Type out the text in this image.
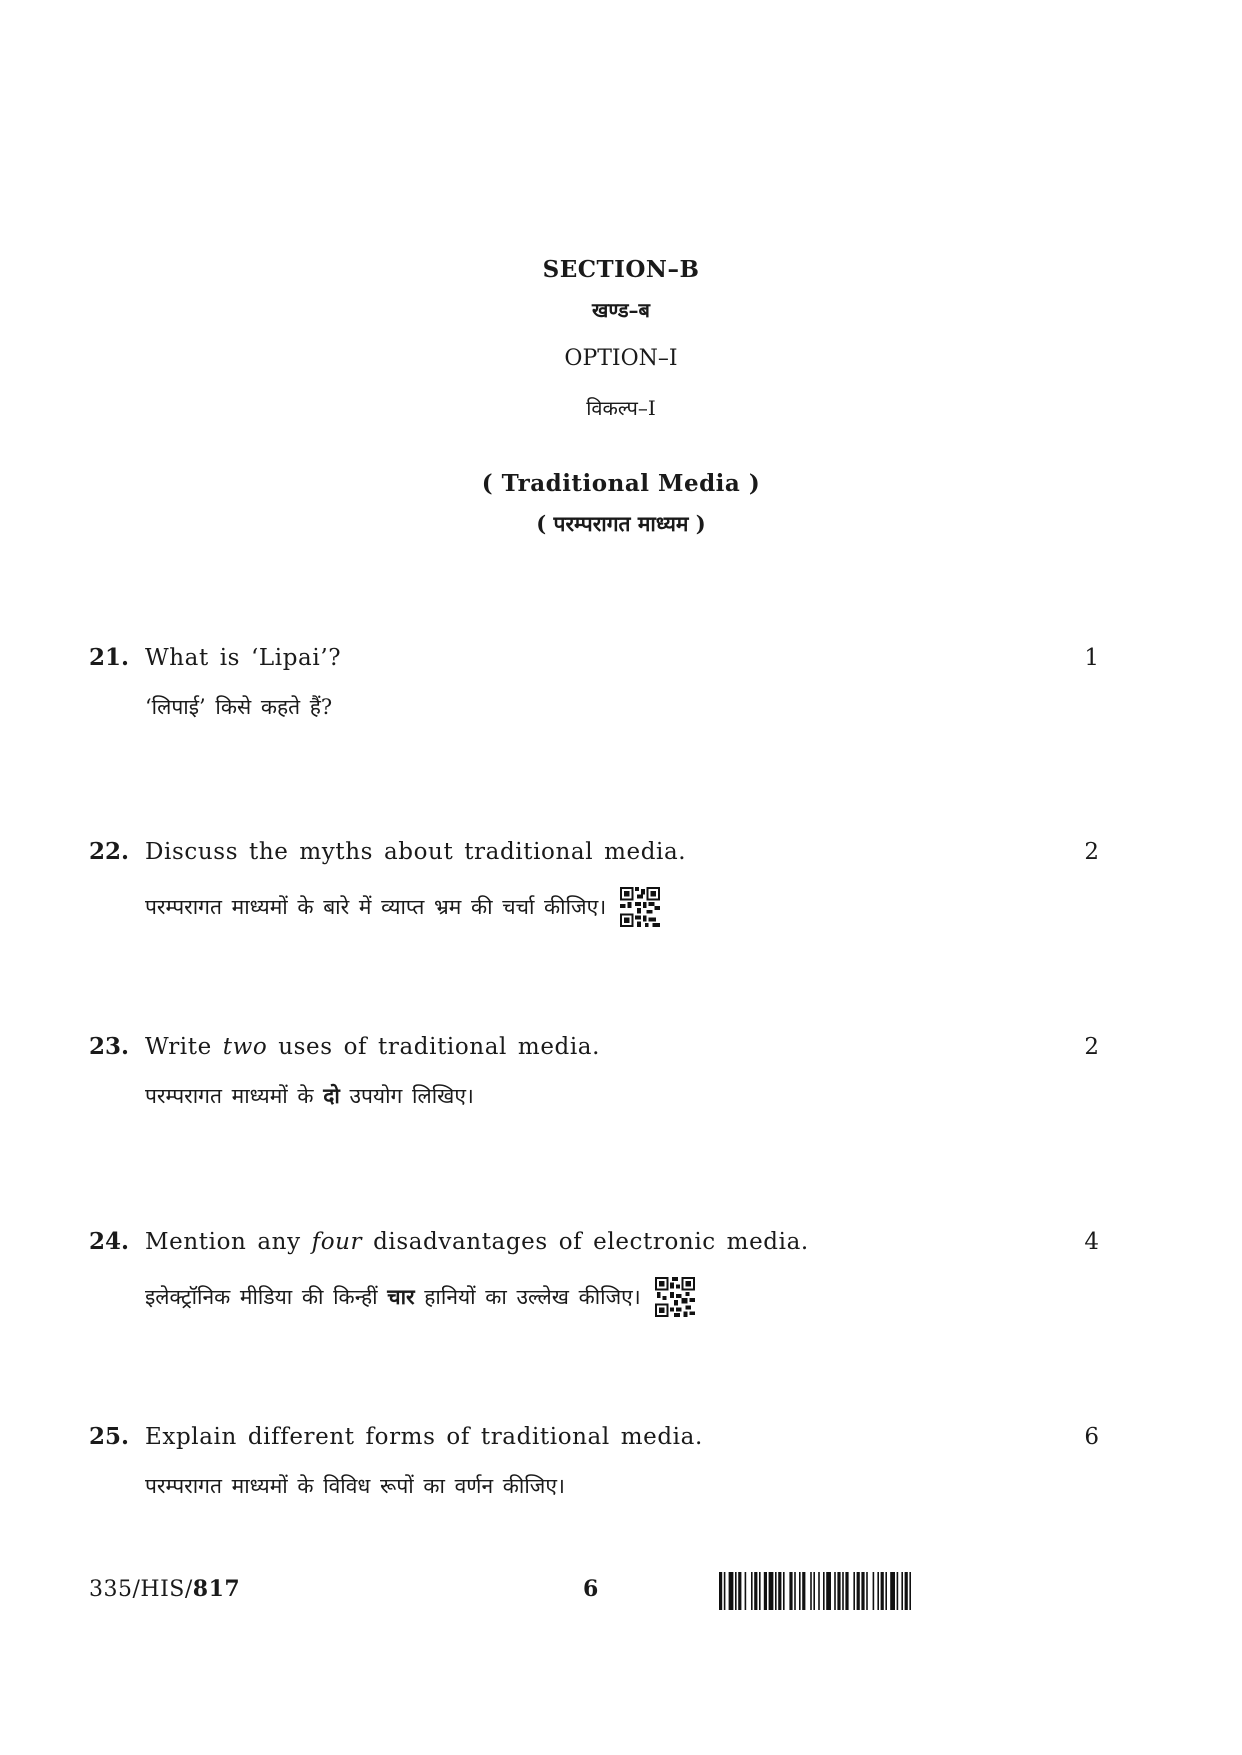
SECTION–B
खण्ड–ब
OPTION–I
विकल्प–I
( Traditional Media )
( परम्परागत माध्यम )
21. What is ‘Lipai’?	1
‘लिपाई’ किसे कहते हैं?
22. Discuss the myths about traditional media.	2
परम्परागत माध्यमों के बारे में व्याप्त भ्रम की चर्चा कीजिए।
23. Write two uses of traditional media.	2
परम्परागत माध्यमों के दो उपयोग लिखिए।
24. Mention any four disadvantages of electronic media.	4
इलेक्ट्रॉनिक मीडिया की किन्हीं चार हानियों का उल्लेख कीजिए।
25. Explain different forms of traditional media.	6
परम्परागत माध्यमों के विविध रूपों का वर्णन कीजिए।
335/HIS/817	6
